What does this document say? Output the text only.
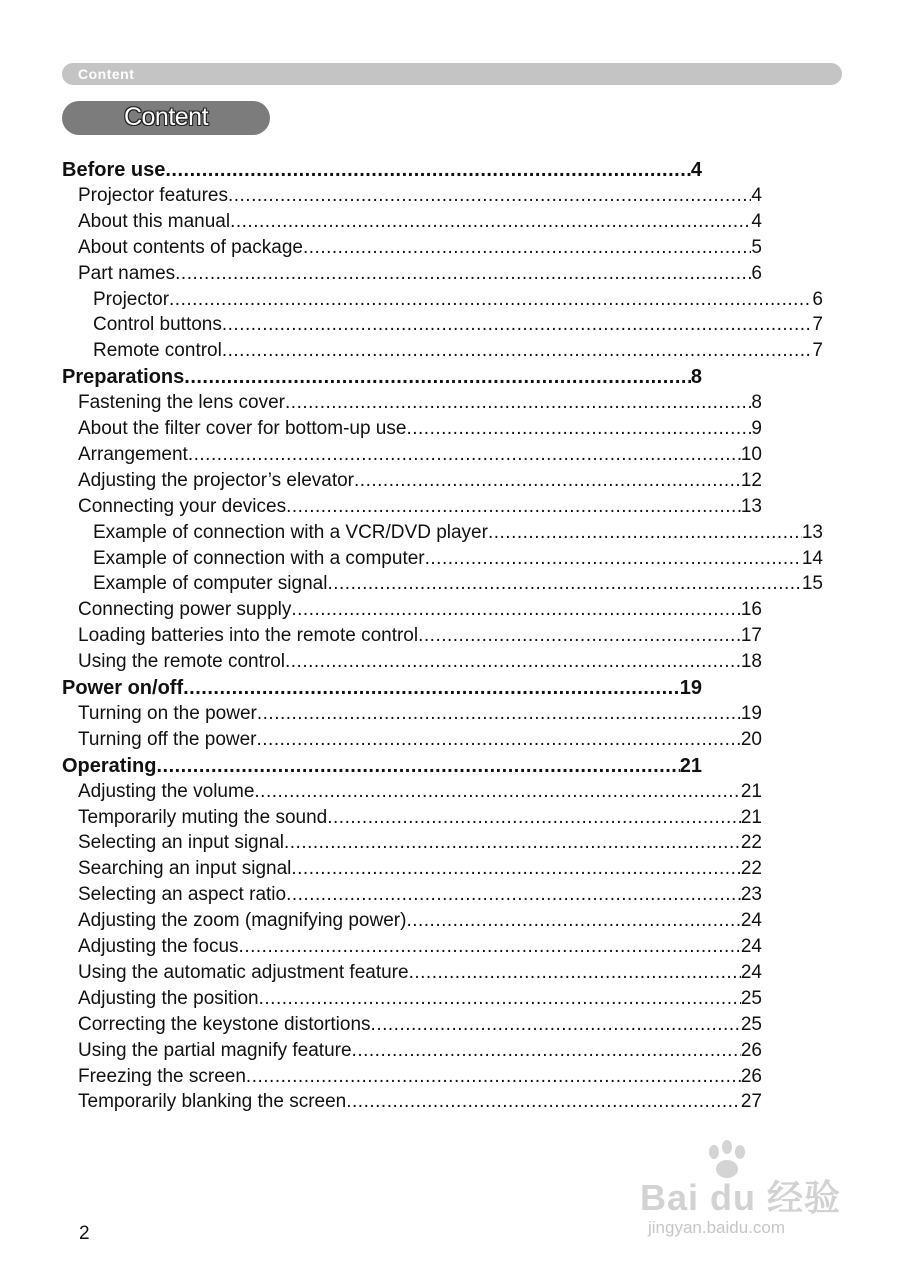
Content
Content
Before use .....	4
Projector features .....	4
About this manual .....	4
About contents of package .....	5
Part names .....	6
Projector .....	6
Control buttons .....	7
Remote control .....	7
Preparations .....	8
Fastening the lens cover .....	8
About the filter cover for bottom-up use .....	9
Arrangement .....	10
Adjusting the projector’s elevator .....	12
Connecting your devices .....	13
Example of connection with a VCR/DVD player .....	13
Example of connection with a computer .....	14
Example of computer signal .....	15
Connecting power supply .....	16
Loading batteries into the remote control .....	17
Using the remote control .....	18
Power on/off .....	19
Turning on the power .....	19
Turning off the power .....	20
Operating .....	21
Adjusting the volume .....	21
Temporarily muting the sound .....	21
Selecting an input signal .....	22
Searching an input signal .....	22
Selecting an aspect ratio .....	23
Adjusting the zoom (magnifying power) .....	24
Adjusting the focus .....	24
Using the automatic adjustment feature .....	24
Adjusting the position .....	25
Correcting the keystone distortions .....	25
Using the partial magnify feature .....	26
Freezing the screen .....	26
Temporarily blanking the screen .....	27
2
Bai du 经验
jingyan.baidu.com
